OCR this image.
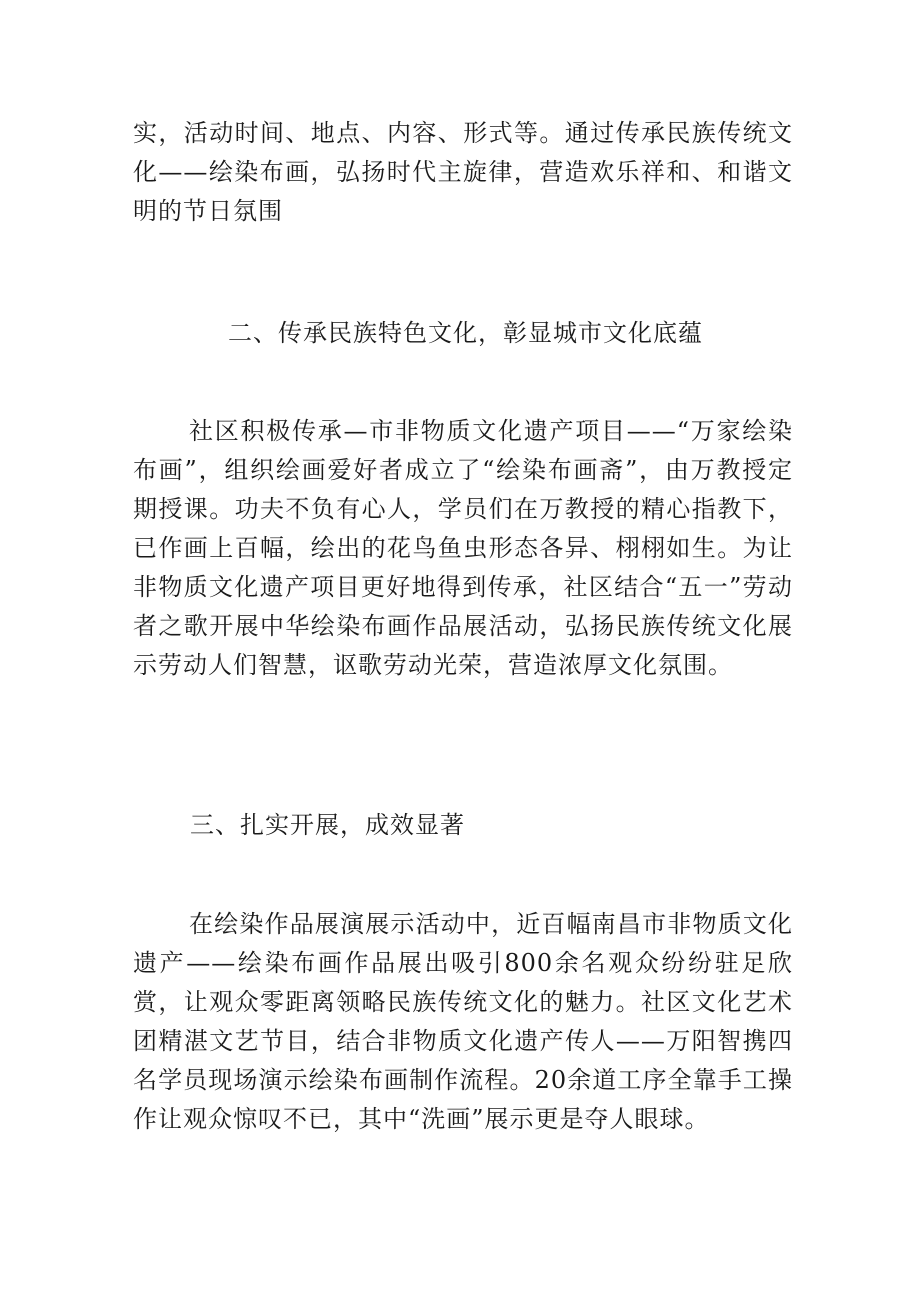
实，活动时间、地点、内容、形式等。通过传承民族传统文化——绘染布画，弘扬时代主旋律，营造欢乐祥和、和谐文明的节日氛围

二、传承民族特色文化，彰显城市文化底蕴

社区积极传承—市非物质文化遗产项目——“万家绘染布画”，组织绘画爱好者成立了“绘染布画斋”，由万教授定期授课。功夫不负有心人，学员们在万教授的精心指教下，已作画上百幅，绘出的花鸟鱼虫形态各异、栩栩如生。为让非物质文化遗产项目更好地得到传承，社区结合“五一”劳动者之歌开展中华绘染布画作品展活动，弘扬民族传统文化展示劳动人们智慧，讴歌劳动光荣，营造浓厚文化氛围。

三、扎实开展，成效显著

在绘染作品展演展示活动中，近百幅南昌市非物质文化遗产——绘染布画作品展出吸引800余名观众纷纷驻足欣赏，让观众零距离领略民族传统文化的魅力。社区文化艺术团精湛文艺节目，结合非物质文化遗产传人——万阳智携四名学员现场演示绘染布画制作流程。20余道工序全靠手工操作让观众惊叹不已，其中“洗画”展示更是夺人眼球。
